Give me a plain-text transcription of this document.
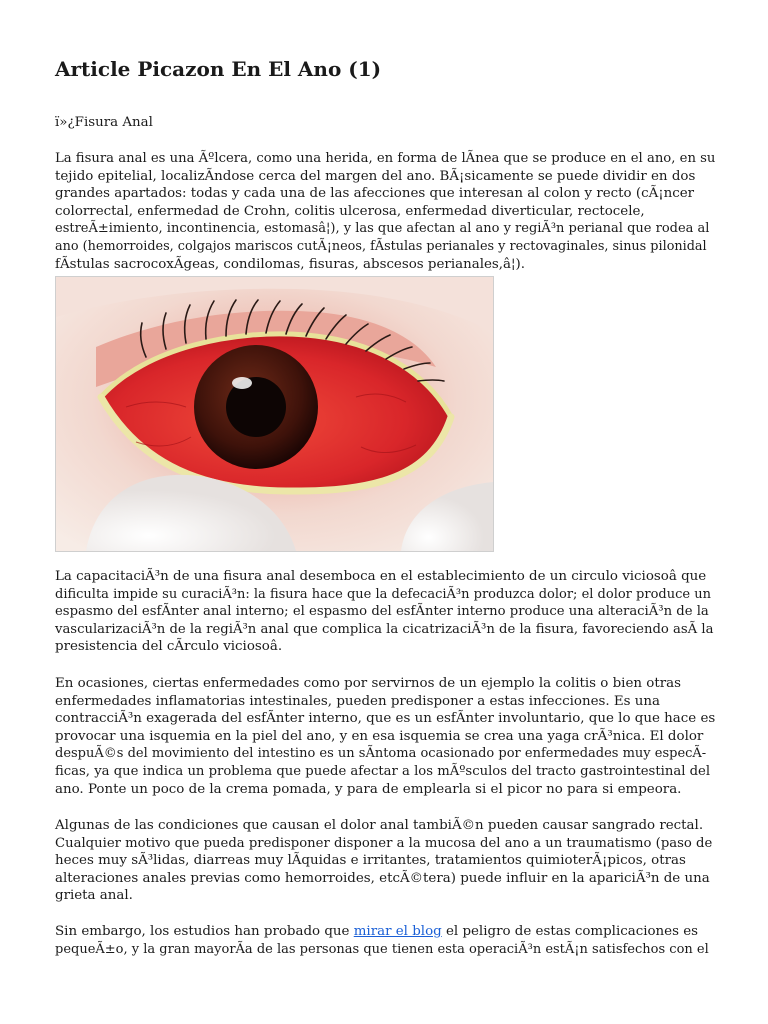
Article Picazon En El Ano (1)

ï»¿Fisura Anal

La fisura anal es una Ãºlcera, como una herida, en forma de lÃnea que se produce en el ano, en su
tejido epitelial, localizÃndose cerca del margen del ano. BÃ¡sicamente se puede dividir en dos
grandes apartados: todas y cada una de las afecciones que interesan al colon y recto (cÃ¡ncer
colorrectal, enfermedad de Crohn, colitis ulcerosa, enfermedad diverticular, rectocele,
estreÃ±imiento, incontinencia, estomasâ¦), y las que afectan al ano y regiÃ³n perianal que rodea al
ano (hemorroides, colgajos mariscos cutÃ¡neos, fÃstulas perianales y rectovaginales, sinus pilonidal
fÃstulas sacrocoxÃgeas, condilomas, fisuras, abscesos perianales,â¦).
La capacitaciÃ³n de una fisura anal desemboca en el establecimiento de un circulo viciosoâ que
dificulta impide su curaciÃ³n: la fisura hace que la defecaciÃ³n produzca dolor; el dolor produce un
espasmo del esfÃnter anal interno; el espasmo del esfÃnter interno produce una alteraciÃ³n de la
vascularizaciÃ³n de la regiÃ³n anal que complica la cicatrizaciÃ³n de la fisura, favoreciendo asÃ la
presistencia del cÃrculo viciosoâ.
En ocasiones, ciertas enfermedades como por servirnos de un ejemplo la colitis o bien otras
enfermedades inflamatorias intestinales, pueden predisponer a estas infecciones. Es una
contracciÃ³n exagerada del esfÃnter interno, que es un esfÃnter involuntario, que lo que hace es
provocar una isquemia en la piel del ano, y en esa isquemia se crea una yaga crÃ³nica. El dolor
despuÃ©s del movimiento del intestino es un sÃntoma ocasionado por enfermedades muy especÃ-
ficas, ya que indica un problema que puede afectar a los mÃºsculos del tracto gastrointestinal del
ano. Ponte un poco de la crema pomada, y para de emplearla si el picor no para si empeora.
Algunas de las condiciones que causan el dolor anal tambiÃ©n pueden causar sangrado rectal.
Cualquier motivo que pueda predisponer disponer a la mucosa del ano a un traumatismo (paso de
heces muy sÃ³lidas, diarreas muy lÃquidas e irritantes, tratamientos quimioterÃ¡picos, otras
alteraciones anales previas como hemorroides, etcÃ©tera) puede influir en la apariciÃ³n de una
grieta anal.
Sin embargo, los estudios han probado que mirar el blog el peligro de estas complicaciones es
pequeÃ±o, y la gran mayorÃa de las personas que tienen esta operaciÃ³n estÃ¡n satisfechos con el
